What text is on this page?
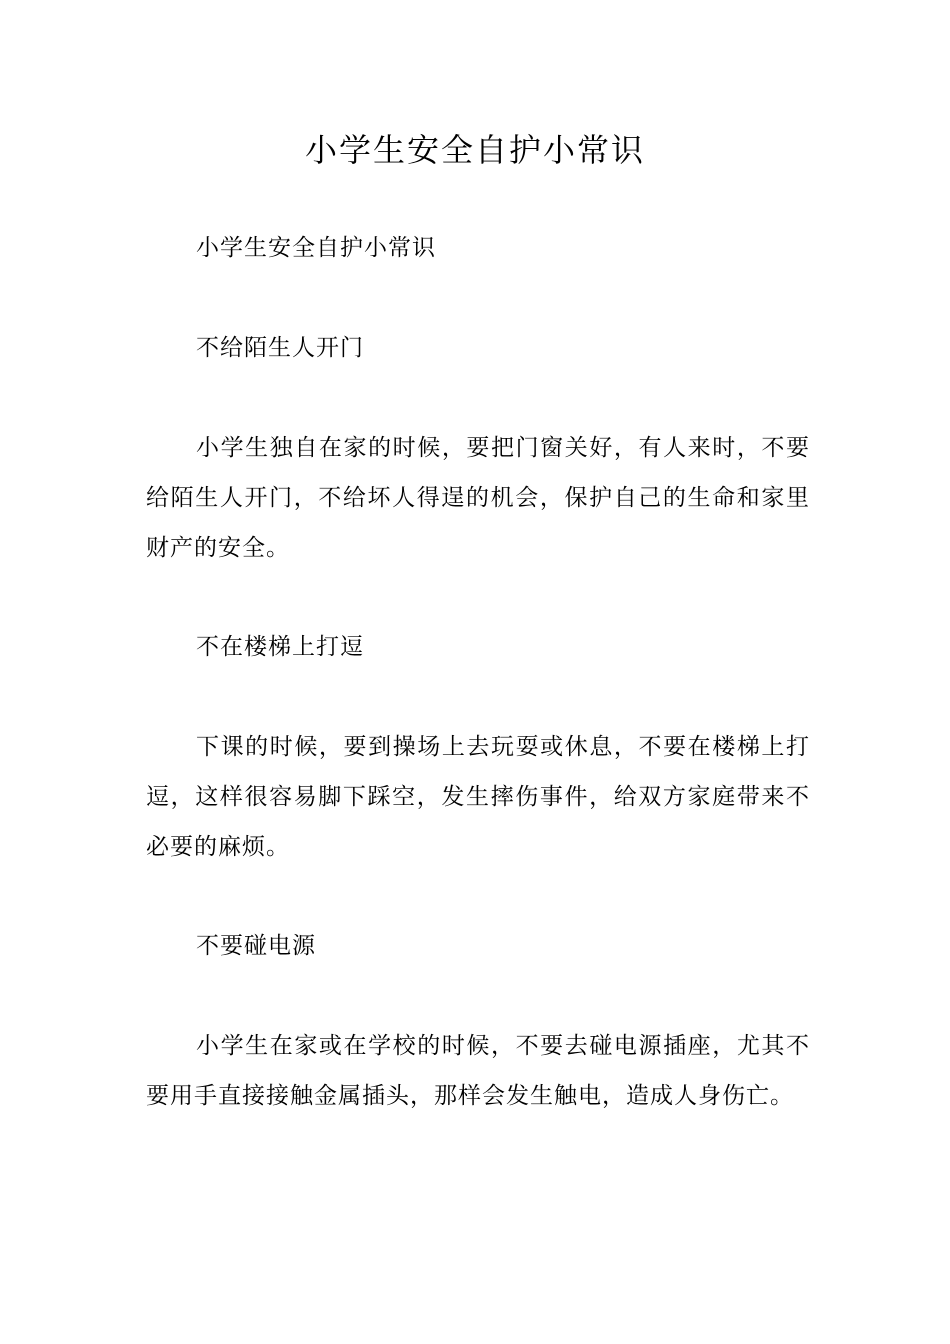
小学生安全自护小常识

小学生安全自护小常识

不给陌生人开门

小学生独自在家的时候，要把门窗关好，有人来时，不要给陌生人开门，不给坏人得逞的机会，保护自己的生命和家里财产的安全。

不在楼梯上打逗

下课的时候，要到操场上去玩耍或休息，不要在楼梯上打逗，这样很容易脚下踩空，发生摔伤事件，给双方家庭带来不必要的麻烦。

不要碰电源

小学生在家或在学校的时候，不要去碰电源插座，尤其不要用手直接接触金属插头，那样会发生触电，造成人身伤亡。
